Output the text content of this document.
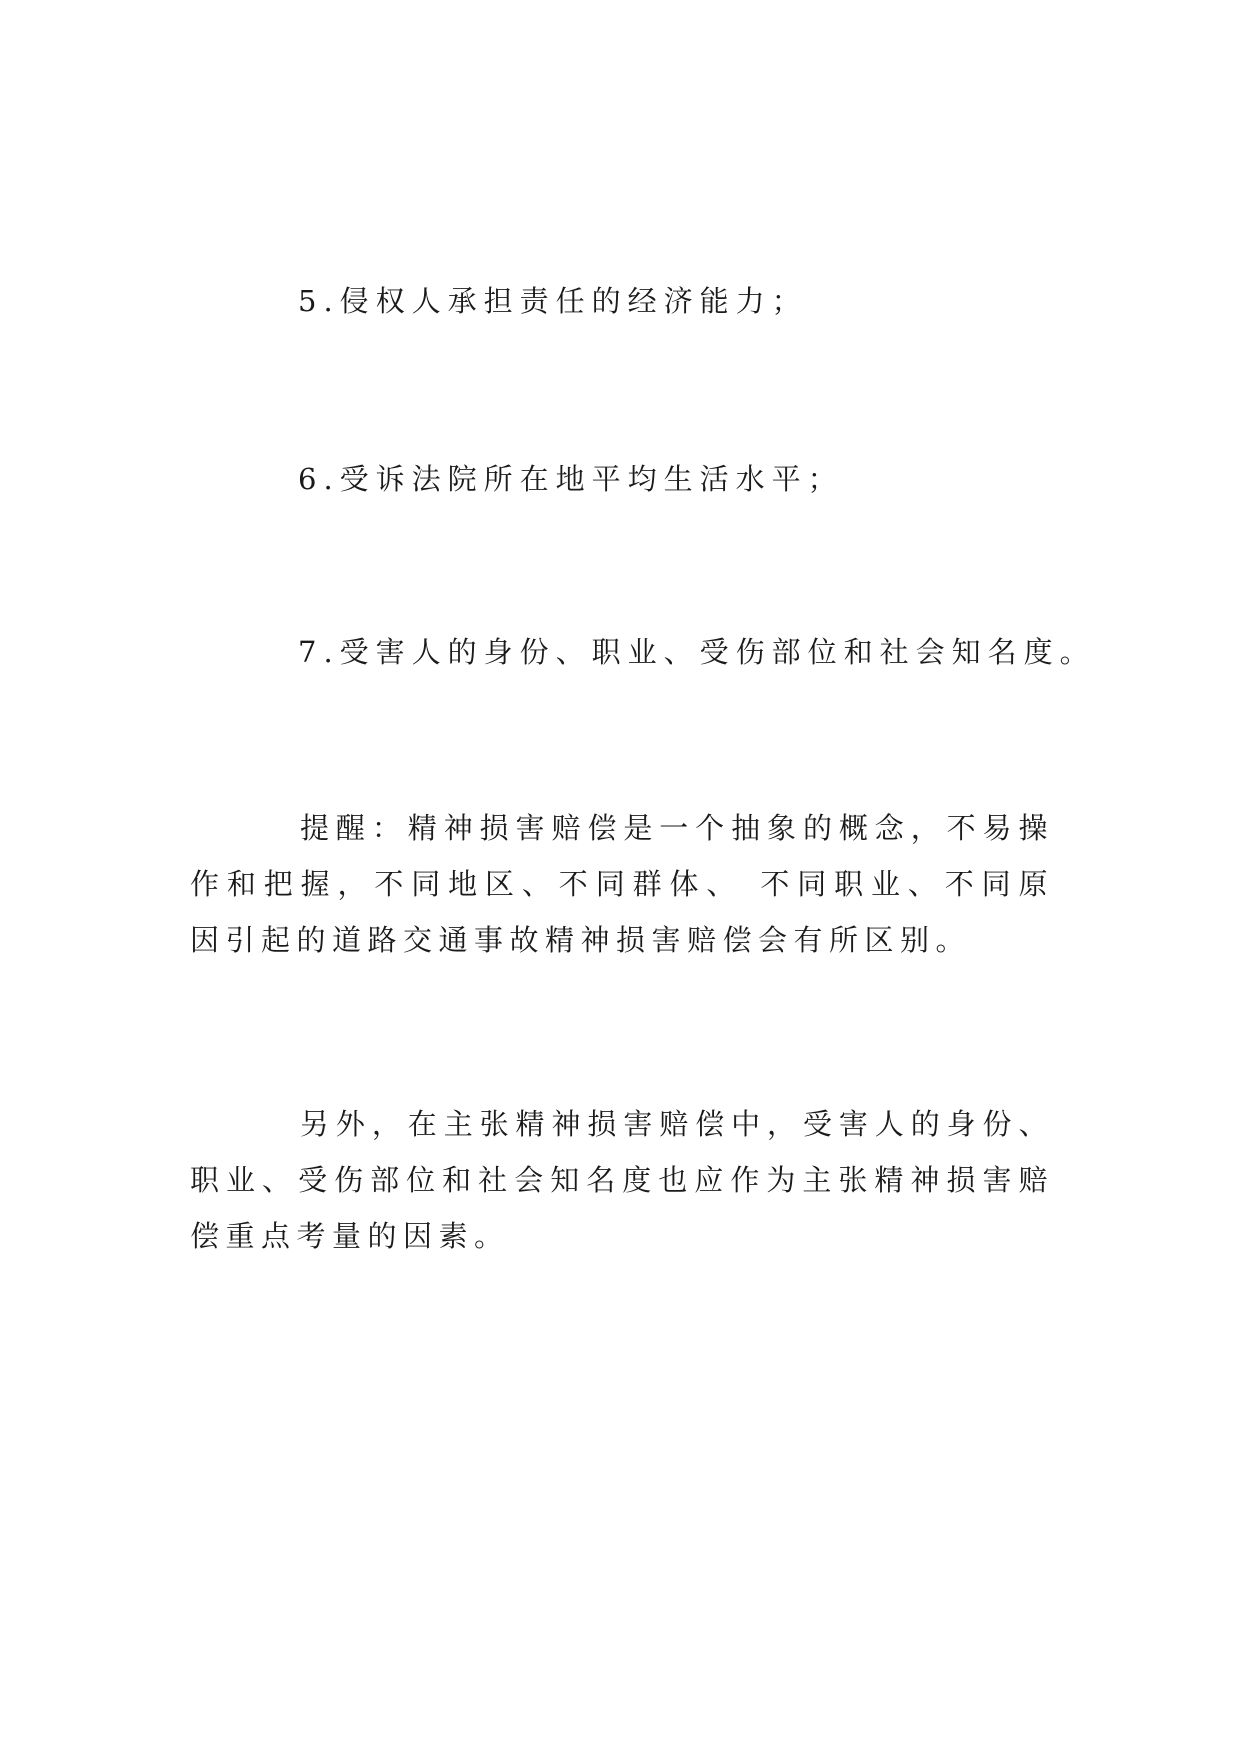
5.侵权人承担责任的经济能力；

6.受诉法院所在地平均生活水平；

7.受害人的身份、职业、受伤部位和社会知名度。

提醒：精神损害赔偿是一个抽象的概念，不易操作和把握，不同地区、不同群体、 不同职业、不同原因引起的道路交通事故精神损害赔偿会有所区别。

另外，在主张精神损害赔偿中，受害人的身份、职业、受伤部位和社会知名度也应作为主张精神损害赔偿重点考量的因素。
